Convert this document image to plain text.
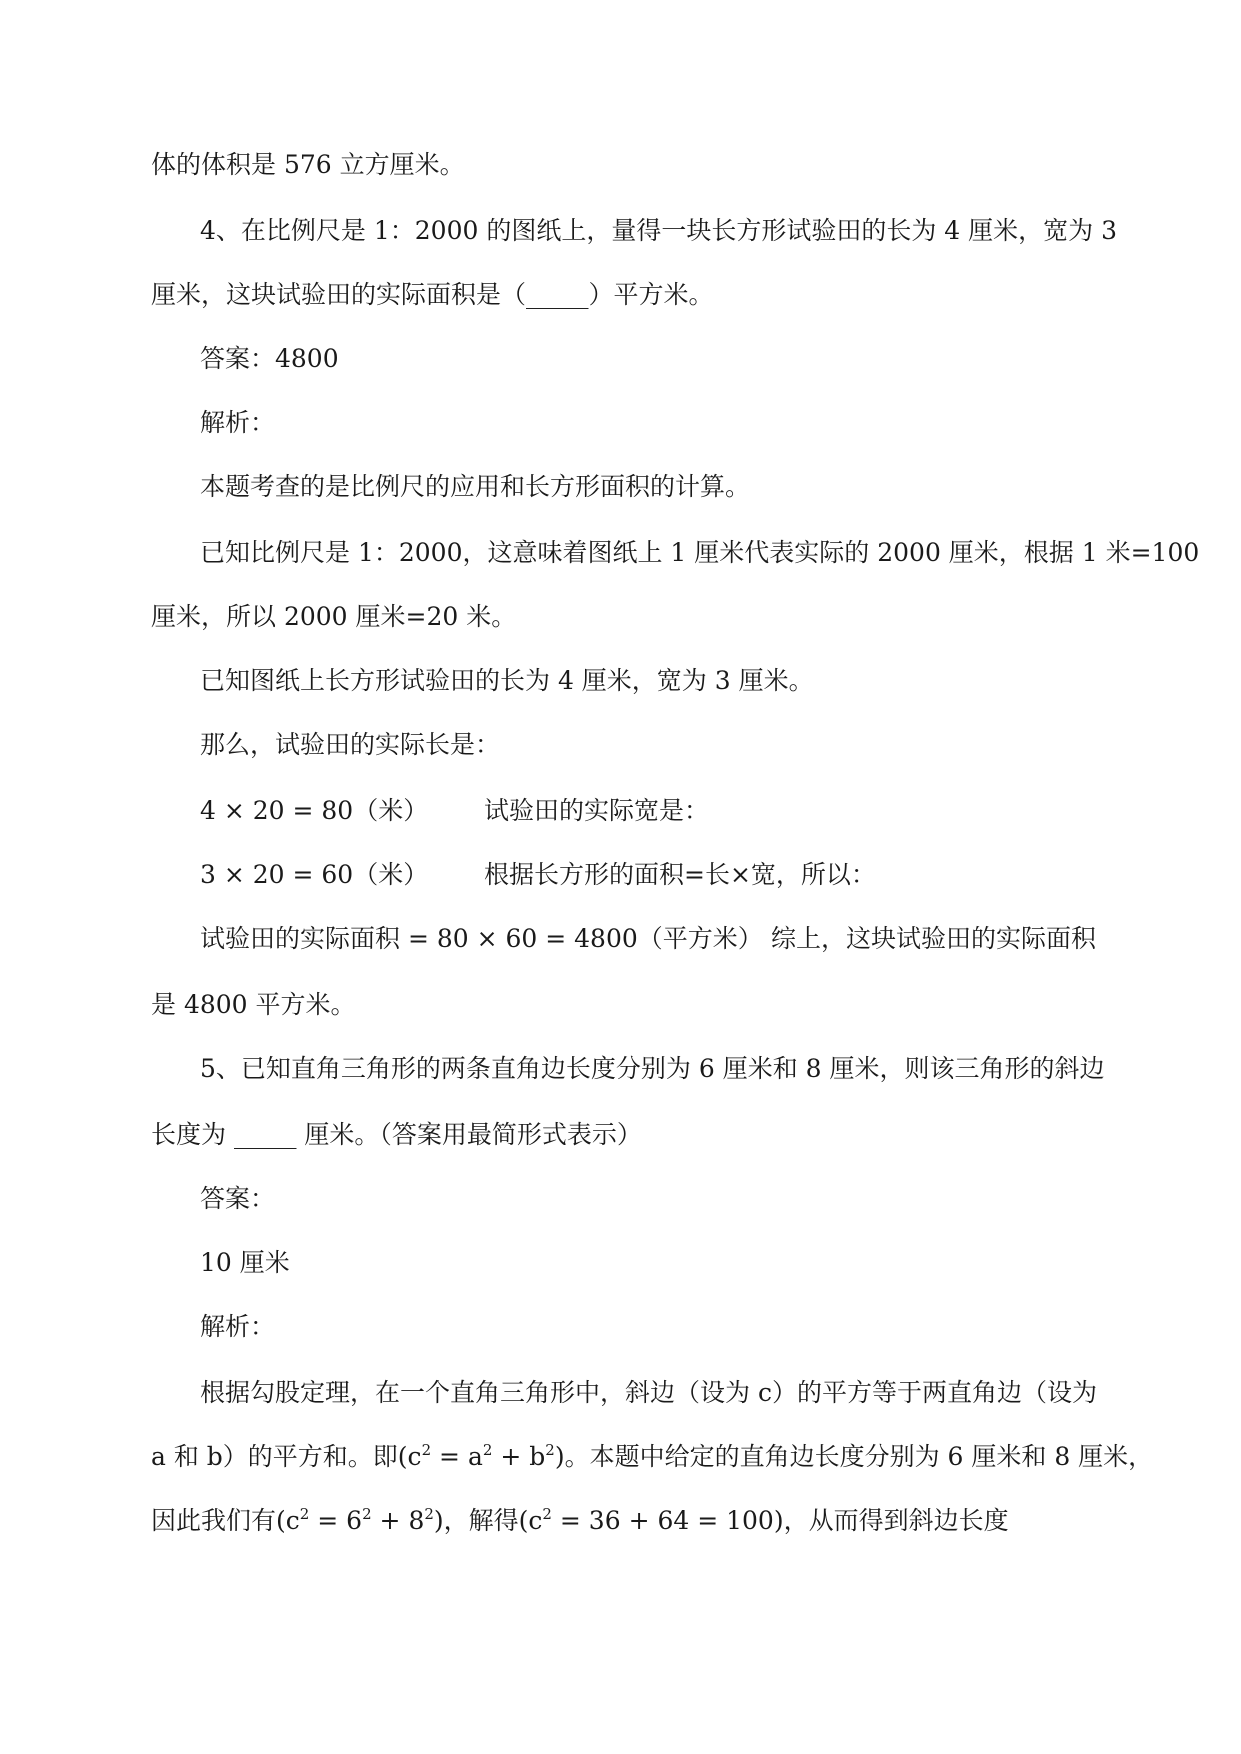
体的体积是 576 立方厘米。
4、在比例尺是 1：2000 的图纸上，量得一块长方形试验田的长为 4 厘米，宽为 3
厘米，这块试验田的实际面积是（_____）平方米。
答案：4800
解析：
本题考查的是比例尺的应用和长方形面积的计算。
已知比例尺是 1：2000，这意味着图纸上 1 厘米代表实际的 2000 厘米，根据 1 米=100
厘米，所以 2000 厘米=20 米。
已知图纸上长方形试验田的长为 4 厘米，宽为 3 厘米。
那么，试验田的实际长是：
4 × 20 = 80（米） 试验田的实际宽是：
3 × 20 = 60（米） 根据长方形的面积=长×宽，所以：
试验田的实际面积 = 80 × 60 = 4800（平方米） 综上，这块试验田的实际面积
是 4800 平方米。
5、已知直角三角形的两条直角边长度分别为 6 厘米和 8 厘米，则该三角形的斜边
长度为 _____ 厘米。（答案用最简形式表示）
答案：
10 厘米
解析：
根据勾股定理，在一个直角三角形中，斜边（设为 c）的平方等于两直角边（设为
a 和 b）的平方和。即$(c^2 = a^2 + b^2)$。本题中给定的直角边长度分别为 6 厘米和 8 厘米，
因此我们有$(c^2 = 6^2 + 8^2)$，解得$(c^2 = 36 + 64 = 100)$，从而得到斜边长度
